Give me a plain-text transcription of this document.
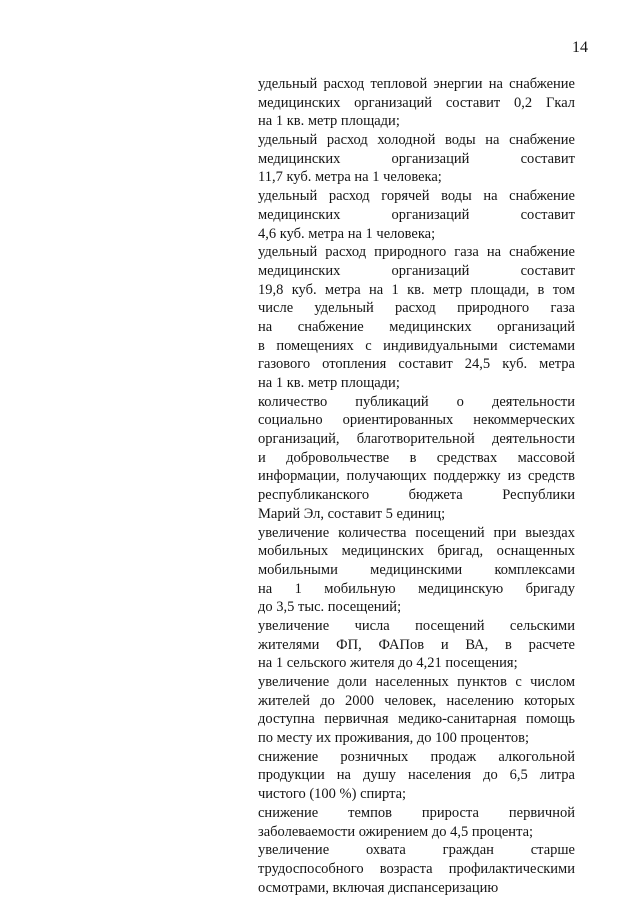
14
удельный расход тепловой энергии на снабжение
медицинских организаций составит 0,2 Гкал
на 1 кв. метр площади;
удельный расход холодной воды на снабжение
медицинских организаций составит
11,7 куб. метра на 1 человека;
удельный расход горячей воды на снабжение
медицинских организаций составит
4,6 куб. метра на 1 человека;
удельный расход природного газа на снабжение
медицинских организаций составит
19,8 куб. метра на 1 кв. метр площади, в том
числе удельный расход природного газа
на снабжение медицинских организаций
в помещениях с индивидуальными системами
газового отопления составит 24,5 куб. метра
на 1 кв. метр площади;
количество публикаций о деятельности
социально ориентированных некоммерческих
организаций, благотворительной деятельности
и добровольчестве в средствах массовой
информации, получающих поддержку из средств
республиканского бюджета Республики
Марий Эл, составит 5 единиц;
увеличение количества посещений при выездах
мобильных медицинских бригад, оснащенных
мобильными медицинскими комплексами
на 1 мобильную медицинскую бригаду
до 3,5 тыс. посещений;
увеличение числа посещений сельскими
жителями ФП, ФАПов и ВА, в расчете
на 1 сельского жителя до 4,21 посещения;
увеличение доли населенных пунктов с числом
жителей до 2000 человек, населению которых
доступна первичная медико-санитарная помощь
по месту их проживания, до 100 процентов;
снижение розничных продаж алкогольной
продукции на душу населения до 6,5 литра
чистого (100 %) спирта;
снижение темпов прироста первичной
заболеваемости ожирением до 4,5 процента;
увеличение охвата граждан старше
трудоспособного возраста профилактическими
осмотрами, включая диспансеризацию
